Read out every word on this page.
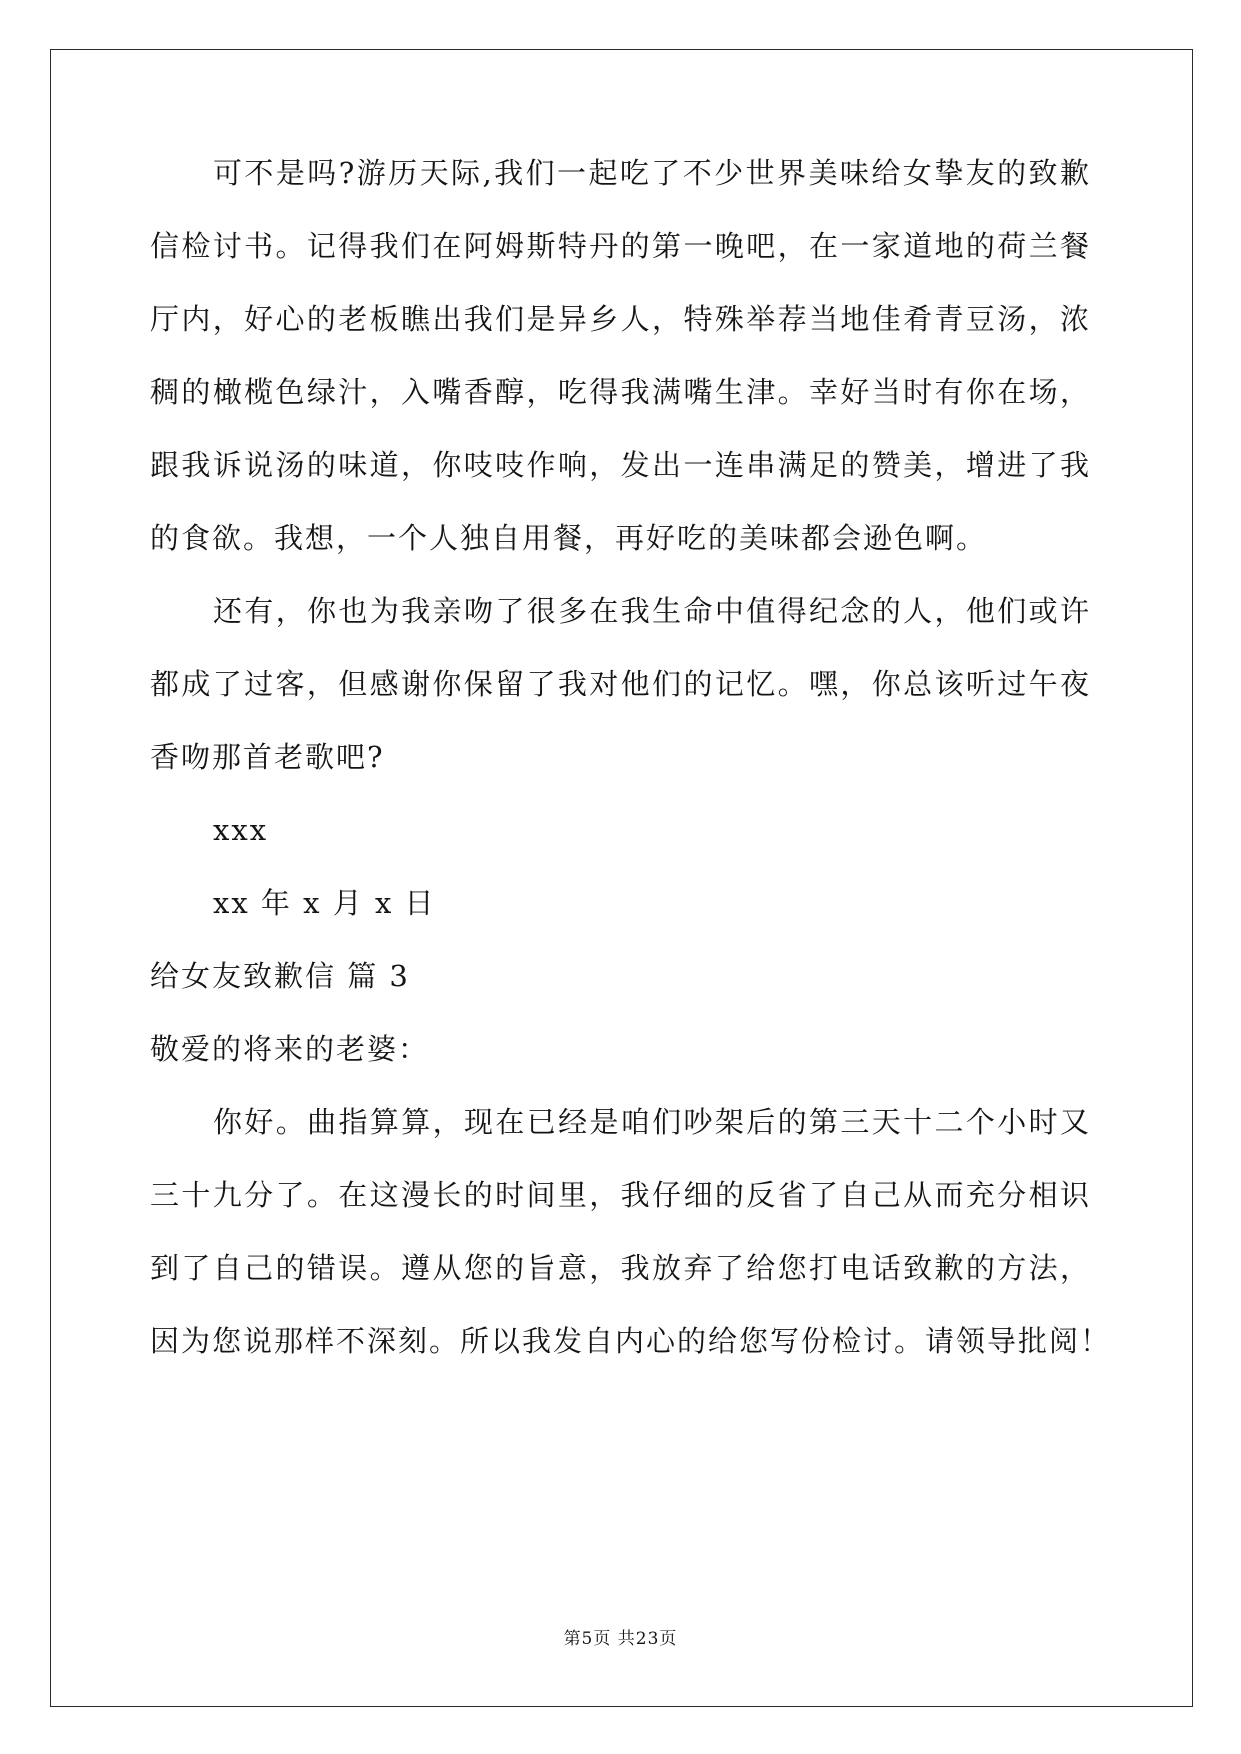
可不是吗?游历天际,我们一起吃了不少世界美味给女挚友的致歉
信检讨书。记得我们在阿姆斯特丹的第一晚吧，在一家道地的荷兰餐
厅内，好心的老板瞧出我们是异乡人，特殊举荐当地佳肴青豆汤，浓
稠的橄榄色绿汁，入嘴香醇，吃得我满嘴生津。幸好当时有你在场，
跟我诉说汤的味道，你吱吱作响，发出一连串满足的赞美，增进了我
的食欲。我想，一个人独自用餐，再好吃的美味都会逊色啊。
还有，你也为我亲吻了很多在我生命中值得纪念的人，他们或许
都成了过客，但感谢你保留了我对他们的记忆。嘿，你总该听过午夜
香吻那首老歌吧?
xxx
xx 年 x 月 x 日
给女友致歉信 篇 3
敬爱的将来的老婆：
你好。曲指算算，现在已经是咱们吵架后的第三天十二个小时又
三十九分了。在这漫长的时间里，我仔细的反省了自己从而充分相识
到了自己的错误。遵从您的旨意，我放弃了给您打电话致歉的方法，
因为您说那样不深刻。所以我发自内心的给您写份检讨。请领导批阅！
第5页 共23页
